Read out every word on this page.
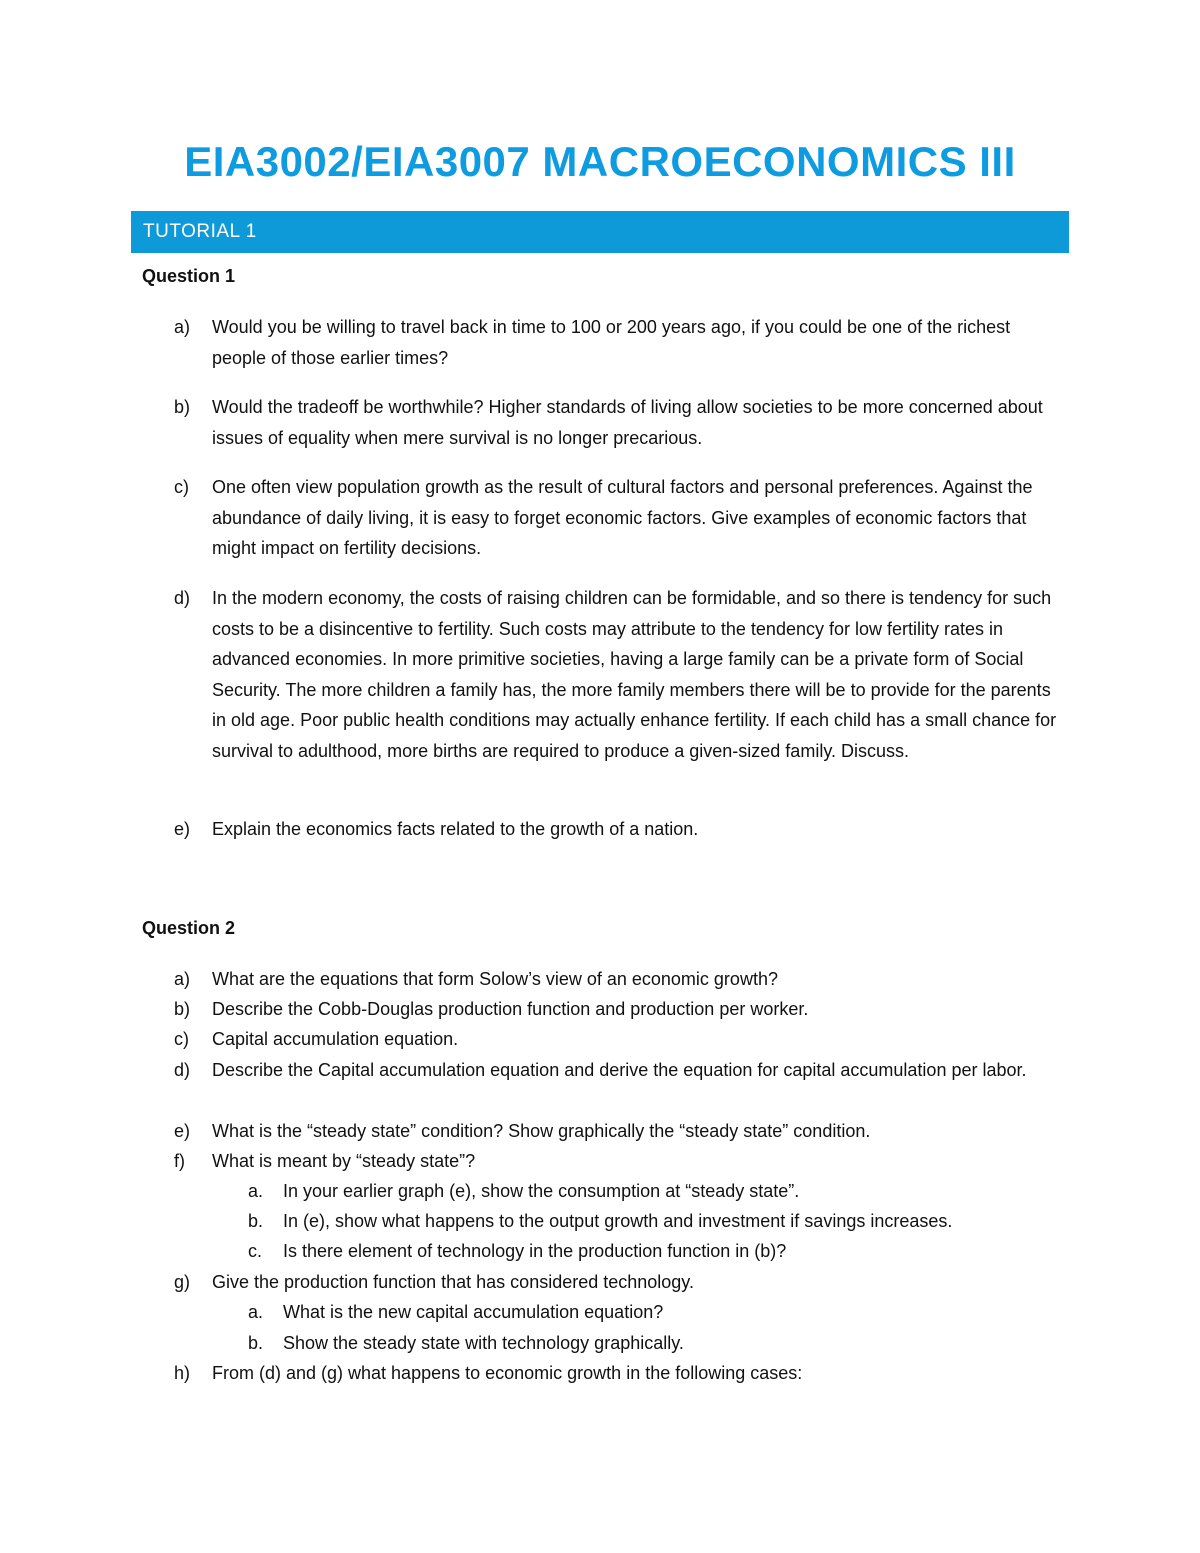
EIA3002/EIA3007 MACROECONOMICS III
TUTORIAL 1
Question 1
a)	Would you be willing to travel back in time to 100 or 200 years ago, if you could be one of the richest people of those earlier times?
b)	Would the tradeoff be worthwhile? Higher standards of living allow societies to be more concerned about issues of equality when mere survival is no longer precarious.
c)	One often view population growth as the result of cultural factors and personal preferences. Against the abundance of daily living, it is easy to forget economic factors. Give examples of economic factors that might impact on fertility decisions.
d)	In the modern economy, the costs of raising children can be formidable, and so there is tendency for such costs to be a disincentive to fertility. Such costs may attribute to the tendency for low fertility rates in advanced economies. In more primitive societies, having a large family can be a private form of Social Security. The more children a family has, the more family members there will be to provide for the parents in old age. Poor public health conditions may actually enhance fertility. If each child has a small chance for survival to adulthood, more births are required to produce a given-sized family. Discuss.
e)	Explain the economics facts related to the growth of a nation.
Question 2
a)	What are the equations that form Solow’s view of an economic growth?
b)	Describe the Cobb-Douglas production function and production per worker.
c)	Capital accumulation equation.
d)	Describe the Capital accumulation equation and derive the equation for capital accumulation per labor.
e)	What is the “steady state” condition? Show graphically the “steady state” condition.
f)	What is meant by “steady state”?
a.	In your earlier graph (e), show the consumption at “steady state”.
b.	In (e), show what happens to the output growth and investment if savings increases.
c.	Is there element of technology in the production function in (b)?
g)	Give the production function that has considered technology.
a.	What is the new capital accumulation equation?
b.	Show the steady state with technology graphically.
h)	From (d) and (g) what happens to economic growth in the following cases:
